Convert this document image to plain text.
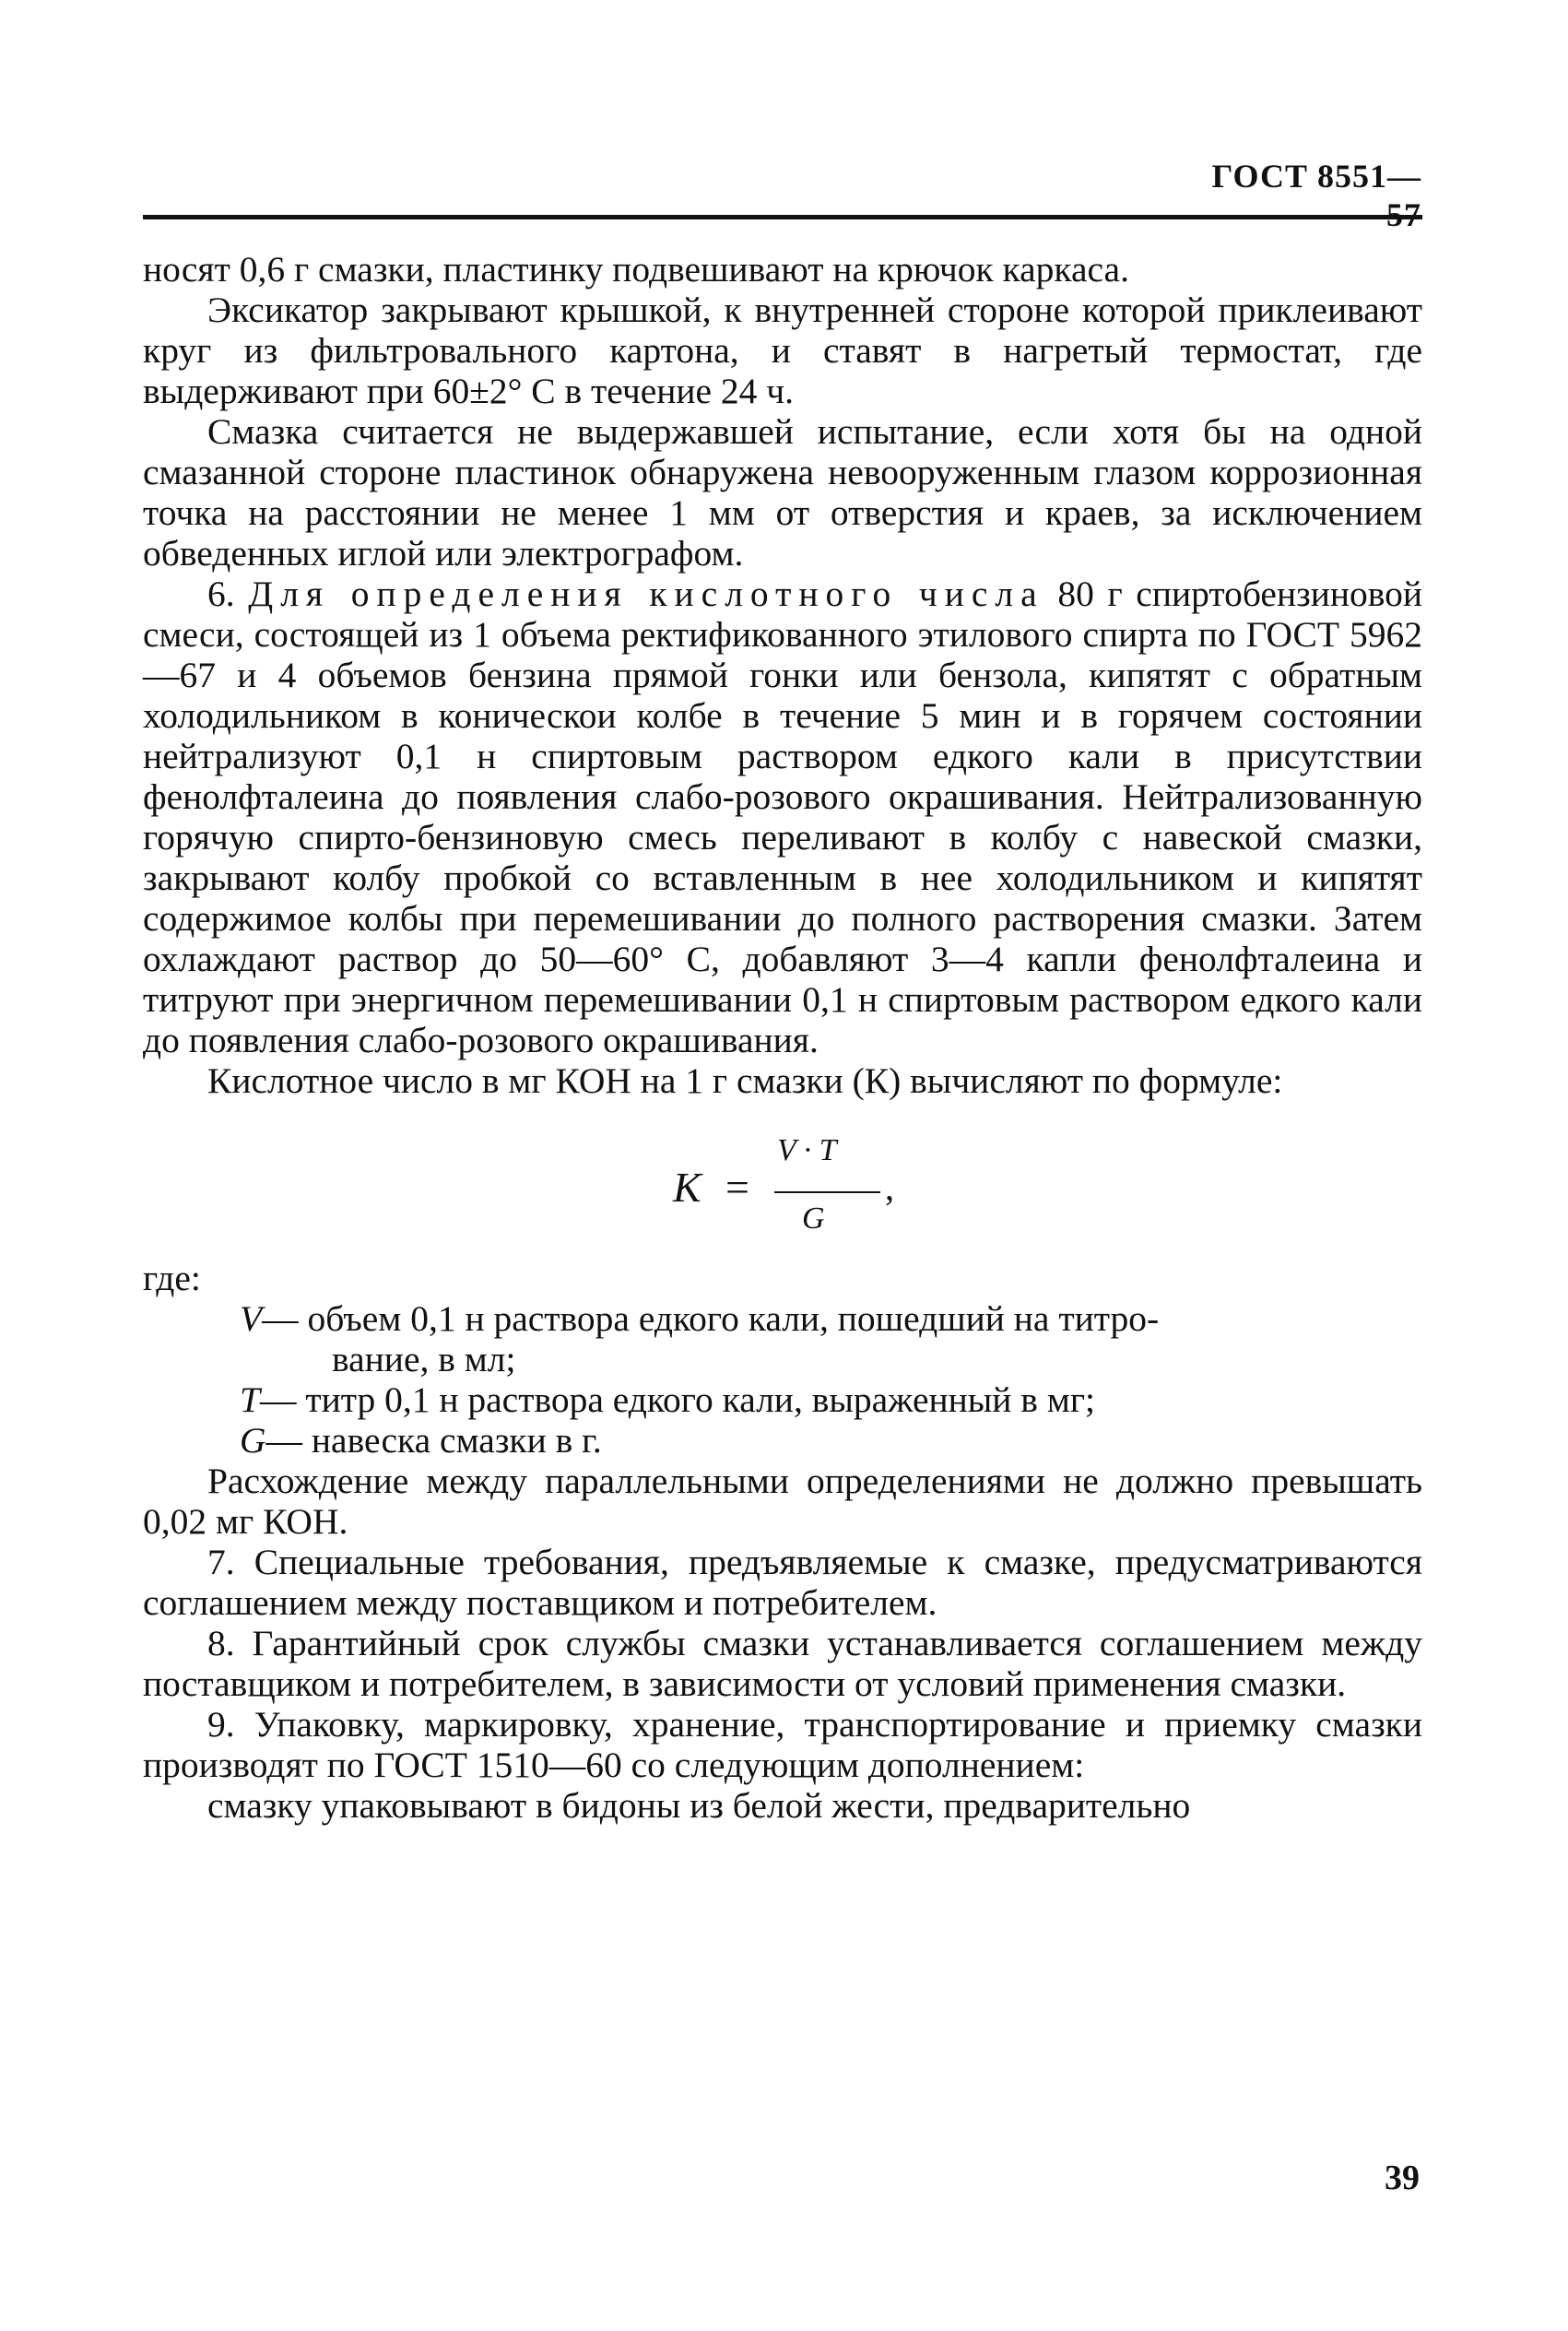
ГОСТ 8551—57

носят 0,6 г смазки, пластинку подвешивают на крючок каркаса.

Эксикатор закрывают крышкой, к внутренней стороне которой приклеивают круг из фильтровального картона, и ставят в нагретый термостат, где выдерживают при 60±2° С в течение 24 ч.

Смазка считается не выдержавшей испытание, если хотя бы на одной смазанной стороне пластинок обнаружена невооруженным глазом коррозионная точка на расстоянии не менее 1 мм от отверстия и краев, за исключением обведенных иглой или электрографом.

6. Для определения кислотного числа 80 г спиртобензиновой смеси, состоящей из 1 объема ректификованного этилового спирта по ГОСТ 5962—67 и 4 объемов бензина прямой гонки или бензола, кипятят с обратным холодильником в коническои колбе в течение 5 мин и в горячем состоянии нейтрализуют 0,1 н спиртовым раствором едкого кали в присутствии фенолфталеина до появления слабо-розового окрашивания. Нейтрализованную горячую спирто-бензиновую смесь переливают в колбу с навеской смазки, закрывают колбу пробкой со вставленным в нее холодильником и кипятят содержимое колбы при перемешивании до полного растворения смазки. Затем охлаждают раствор до 50—60° С, добавляют 3—4 капли фенолфталеина и титруют при энергичном перемешивании 0,1 н спиртовым раствором едкого кали до появления слабо-розового окрашивания.

Кислотное число в мг КОН на 1 г смазки (К) вычисляют по формуле:

K =
V · T
G
,

где:

V— объем 0,1 н раствора едкого кали, пошедший на титро-
вание, в мл;
T— титр 0,1 н раствора едкого кали, выраженный в мг;
G— навеска смазки в г.

Расхождение между параллельными определениями не должно превышать 0,02 мг КОН.

7. Специальные требования, предъявляемые к смазке, предусматриваются соглашением между поставщиком и потребителем.

8. Гарантийный срок службы смазки устанавливается соглашением между поставщиком и потребителем, в зависимости от условий применения смазки.

9. Упаковку, маркировку, хранение, транспортирование и приемку смазки производят по ГОСТ 1510—60 со следующим дополнением:

смазку упаковывают в бидоны из белой жести, предварительно

39
